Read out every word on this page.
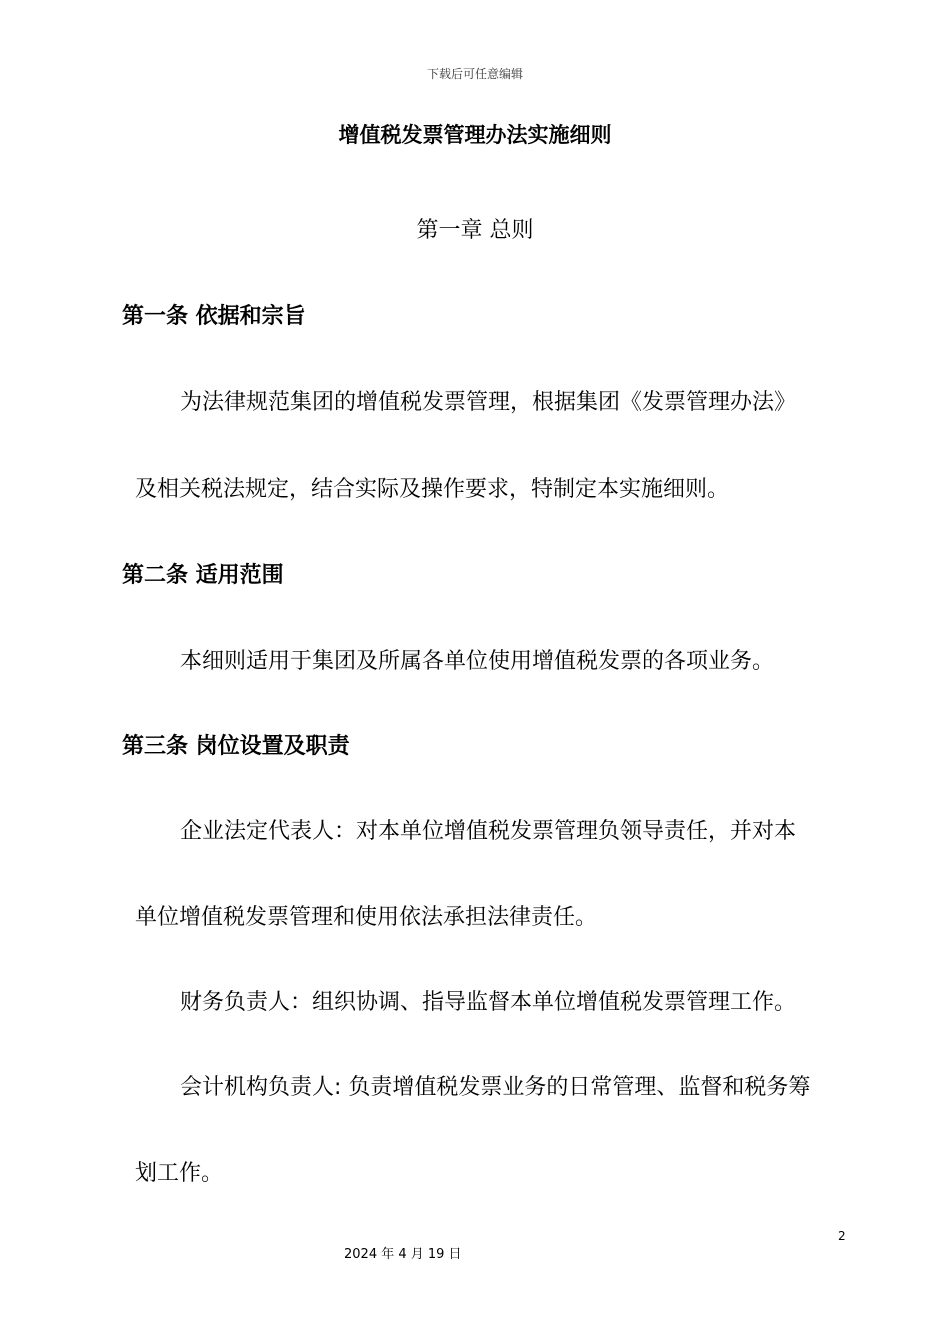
下载后可任意编辑
增值税发票管理办法实施细则
第一章 总则
第一条 依据和宗旨
为法律规范集团的增值税发票管理，根据集团《发票管理办法》
及相关税法规定，结合实际及操作要求，特制定本实施细则。
第二条 适用范围
本细则适用于集团及所属各单位使用增值税发票的各项业务。
第三条 岗位设置及职责
企业法定代表人：对本单位增值税发票管理负领导责任，并对本
单位增值税发票管理和使用依法承担法律责任。
财务负责人：组织协调、指导监督本单位增值税发票管理工作。
会计机构负责人: 负责增值税发票业务的日常管理、监督和税务筹
划工作。
2
2024 年 4 月 19 日
